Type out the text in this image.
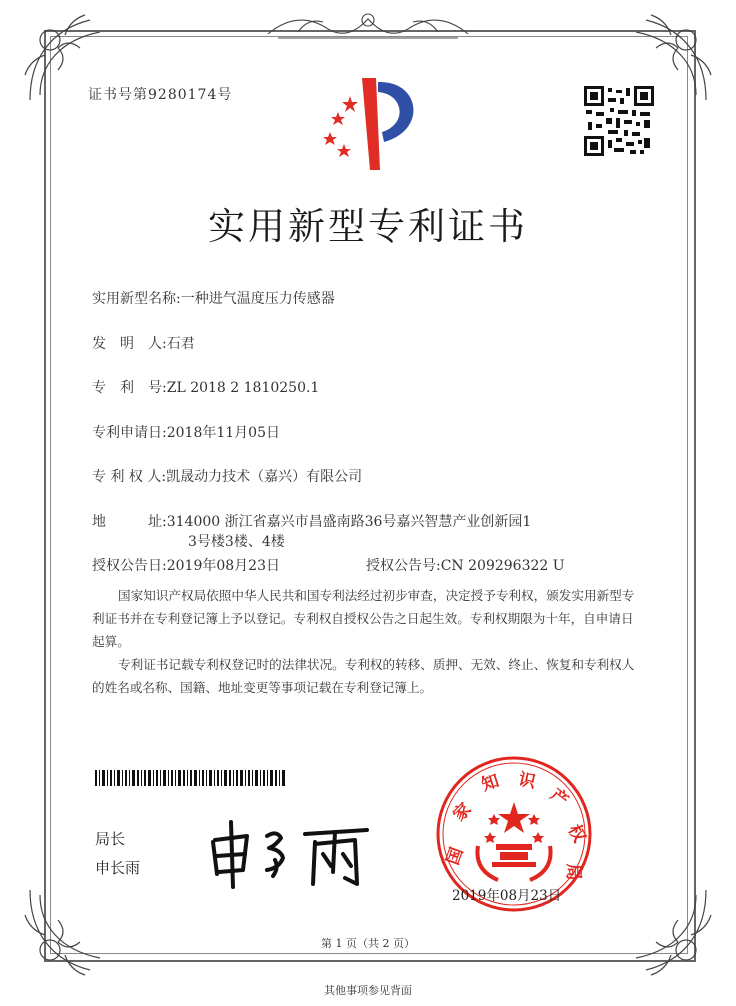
证书号第9280174号
实用新型专利证书
实用新型名称:一种进气温度压力传感器
发　明　人:石君
专　利　号:ZL 2018 2 1810250.1
专利申请日:2018年11月05日
专 利 权 人:凯晟动力技术（嘉兴）有限公司
地　　　址:314000 浙江省嘉兴市昌盛南路36号嘉兴智慧产业创新园1
3号楼3楼、4楼
授权公告日:2019年08月23日	授权公告号:CN 209296322 U
国家知识产权局依照中华人民共和国专利法经过初步审查，决定授予专利权，颁发实用新型专利证书并在专利登记簿上予以登记。专利权自授权公告之日起生效。专利权期限为十年，自申请日起算。
专利证书记载专利权登记时的法律状况。专利权的转移、质押、无效、终止、恢复和专利权人的姓名或名称、国籍、地址变更等事项记载在专利登记簿上。
局长
申长雨
国
家
知 识
产
权
局
2019年08月23日
第 1 页（共 2 页）
其他事项参见背面
